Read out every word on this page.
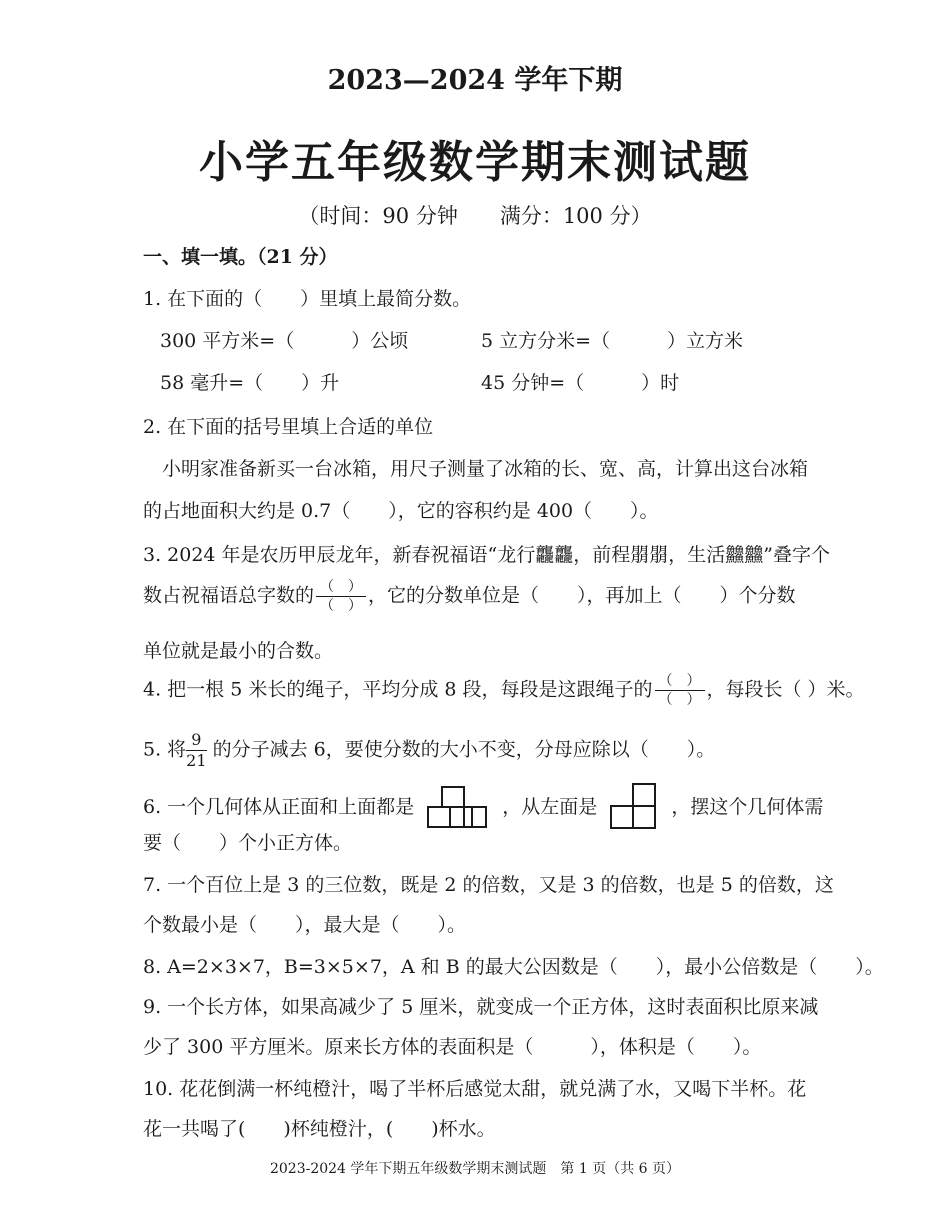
2023—2024 学年下期
小学五年级数学期末测试题
（时间：90 分钟　　满分：100 分）
一、填一填。（21 分）
1. 在下面的（　　）里填上最简分数。
300 平方米=（　　　）公顷	5 立方分米=（　　　）立方米
58 毫升=（　　）升	45 分钟=（　　　）时
2. 在下面的括号里填上合适的单位
小明家准备新买一台冰箱，用尺子测量了冰箱的长、宽、高，计算出这台冰箱
的占地面积大约是 0.7（　　），它的容积约是 400（　　）。
3. 2024 年是农历甲辰龙年，新春祝福语“龙行龘龘，前程朤朤，生活䲜䲜”叠字个
数占祝福语总字数的 $\frac{( )}{( )}$ ，它的分数单位是（　　），再加上（　　）个分数
单位就是最小的合数。
4. 把一根 5 米长的绳子，平均分成 8 段，每段是这跟绳子的 $\frac{( )}{( )}$ ，每段长（ ）米。
5. 将 $\frac{9}{21}$ 的分子减去 6，要使分数的大小不变，分母应除以（　　）。
6. 一个几何体从正面和上面都是	，从左面是	，摆这个几何体需
要（　　）个小正方体。
7. 一个百位上是 3 的三位数，既是 2 的倍数，又是 3 的倍数，也是 5 的倍数，这
个数最小是（　　），最大是（　　）。
8. A=2×3×7，B=3×5×7，A 和 B 的最大公因数是（　　），最小公倍数是（　　）。
9. 一个长方体，如果高减少了 5 厘米，就变成一个正方体，这时表面积比原来减
少了 300 平方厘米。原来长方体的表面积是（　　　），体积是（　　）。
10. 花花倒满一杯纯橙汁，喝了半杯后感觉太甜，就兑满了水，又喝下半杯。花
花一共喝了(　　)杯纯橙汁，(　　)杯水。
2023-2024 学年下期五年级数学期末测试题　第 1 页（共 6 页）
